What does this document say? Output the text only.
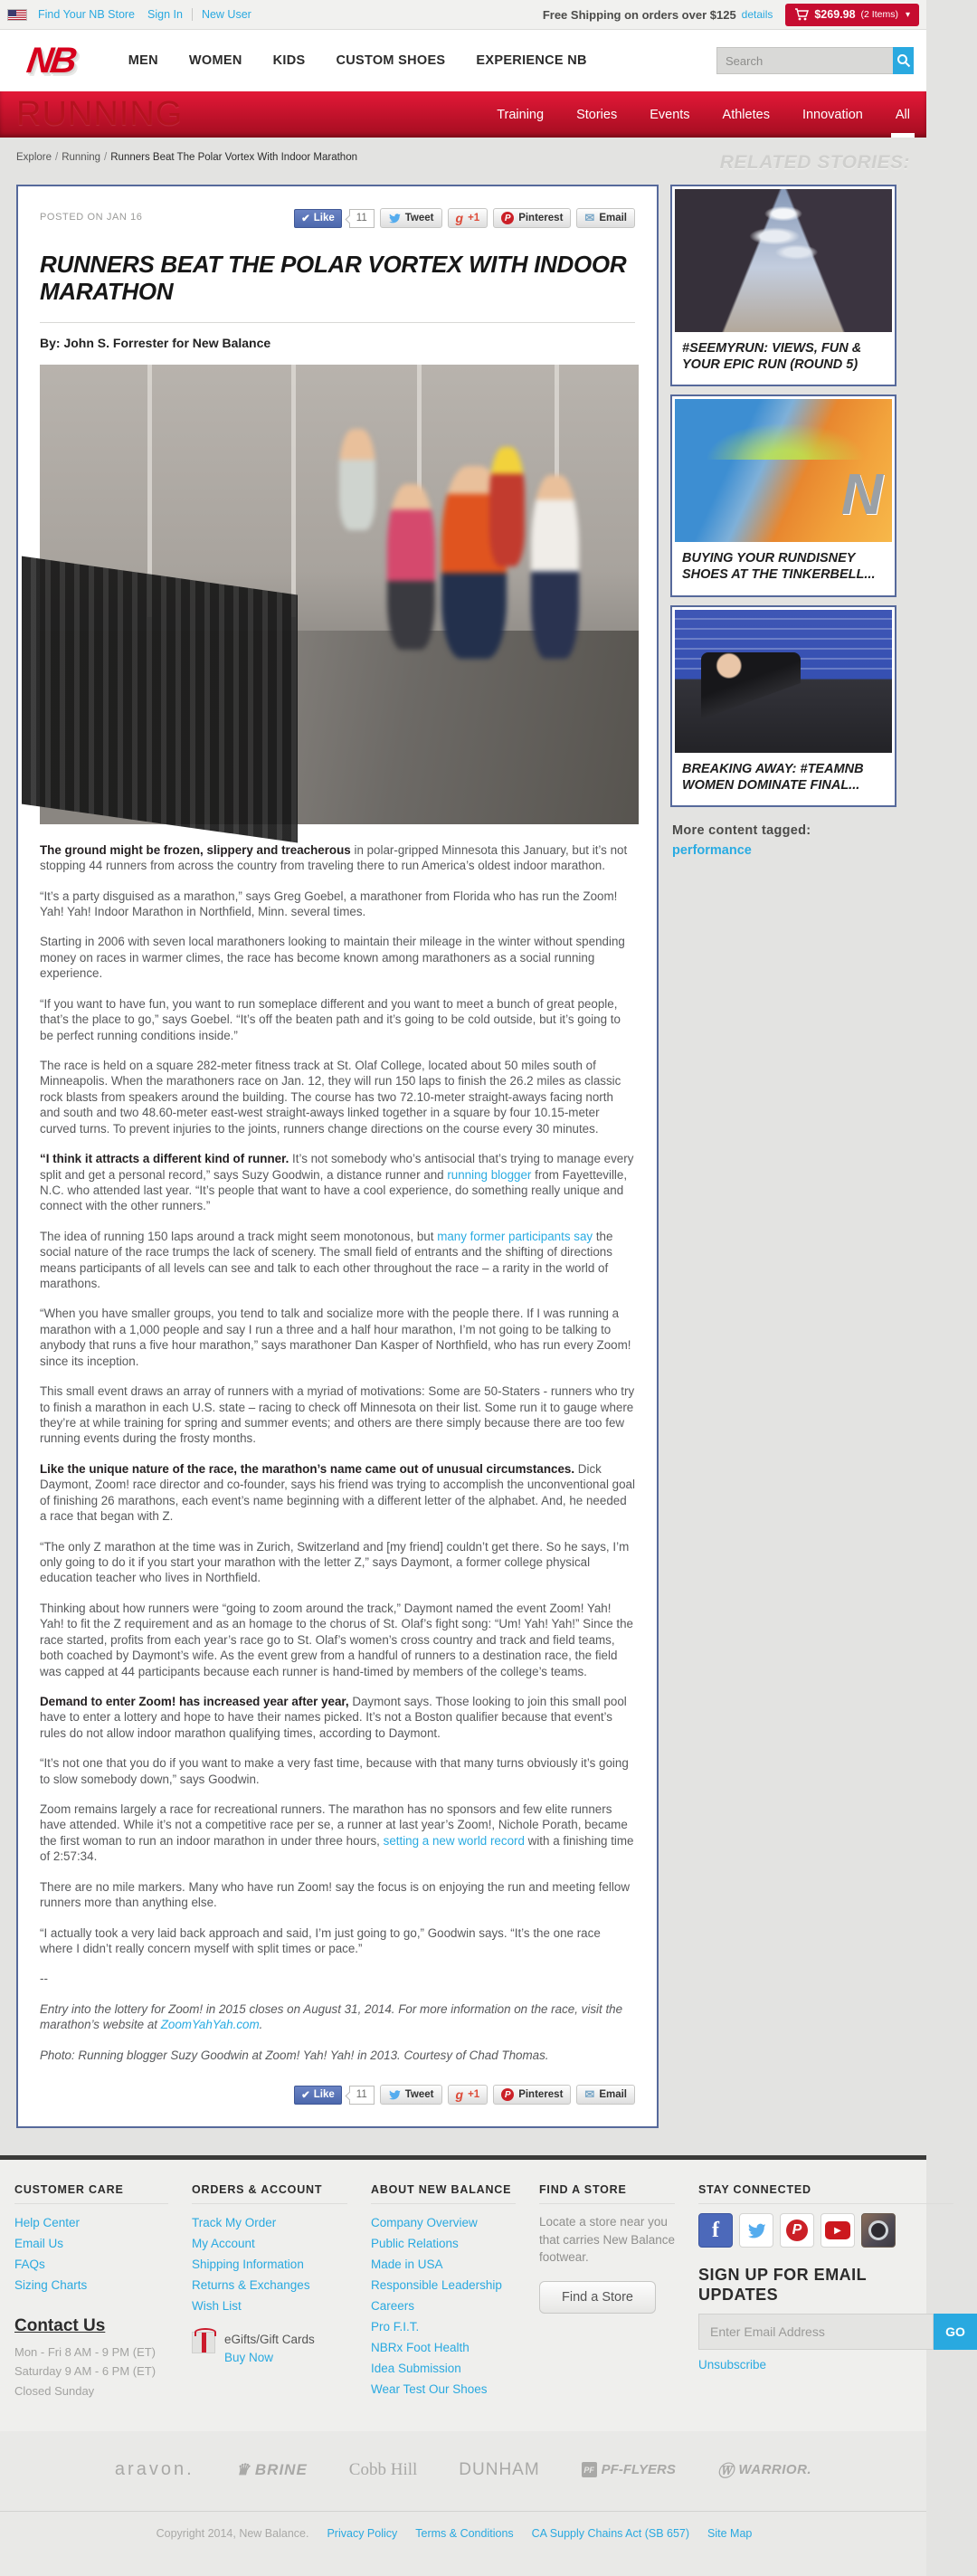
Find Your NB Store Sign In New User	Free Shipping on orders over $125 details	$269.98 (2 Items) ▾
NB	MEN WOMEN KIDS CUSTOM SHOES EXPERIENCE NB
Search
RUNNING	Training Stories Events Athletes Innovation All
Explore / Running / Runners Beat The Polar Vortex With Indoor Marathon	RELATED STORIES:
POSTED ON JAN 16	✔ Like	11	Tweet g +1	P Pinterest ✉ Email
RUNNERS BEAT THE POLAR VORTEX WITH INDOOR MARATHON
By: John S. Forrester for New Balance

The ground might be frozen, slippery and treacherous in polar-gripped Minnesota this January, but it’s not stopping 44 runners from across the country from traveling there to run America’s oldest indoor marathon.

“It’s a party disguised as a marathon,” says Greg Goebel, a marathoner from Florida who has run the Zoom! Yah! Yah! Indoor Marathon in Northfield, Minn. several times.

Starting in 2006 with seven local marathoners looking to maintain their mileage in the winter without spending money on races in warmer climes, the race has become known among marathoners as a social running experience.

“If you want to have fun, you want to run someplace different and you want to meet a bunch of great people, that’s the place to go,” says Goebel. “It’s off the beaten path and it’s going to be cold outside, but it’s going to be perfect running conditions inside.”

The race is held on a square 282-meter fitness track at St. Olaf College, located about 50 miles south of Minneapolis. When the marathoners race on Jan. 12, they will run 150 laps to finish the 26.2 miles as classic rock blasts from speakers around the building. The course has two 72.10-meter straight-aways facing north and south and two 48.60-meter east-west straight-aways linked together in a square by four 10.15-meter curved turns. To prevent injuries to the joints, runners change directions on the course every 30 minutes.

“I think it attracts a different kind of runner. It’s not somebody who’s antisocial that’s trying to manage every split and get a personal record,” says Suzy Goodwin, a distance runner and running blogger from Fayetteville, N.C. who attended last year. “It’s people that want to have a cool experience, do something really unique and connect with the other runners.”

The idea of running 150 laps around a track might seem monotonous, but many former participants say the social nature of the race trumps the lack of scenery. The small field of entrants and the shifting of directions means participants of all levels can see and talk to each other throughout the race – a rarity in the world of marathons.

“When you have smaller groups, you tend to talk and socialize more with the people there. If I was running a marathon with a 1,000 people and say I run a three and a half hour marathon, I’m not going to be talking to anybody that runs a five hour marathon,” says marathoner Dan Kasper of Northfield, who has run every Zoom! since its inception.

This small event draws an array of runners with a myriad of motivations: Some are 50-Staters - runners who try to finish a marathon in each U.S. state – racing to check off Minnesota on their list. Some run it to gauge where they’re at while training for spring and summer events; and others are there simply because there are too few running events during the frosty months.

Like the unique nature of the race, the marathon’s name came out of unusual circumstances. Dick Daymont, Zoom! race director and co-founder, says his friend was trying to accomplish the unconventional goal of finishing 26 marathons, each event’s name beginning with a different letter of the alphabet. And, he needed a race that began with Z.

“The only Z marathon at the time was in Zurich, Switzerland and [my friend] couldn’t get there. So he says, I’m only going to do it if you start your marathon with the letter Z,” says Daymont, a former college physical education teacher who lives in Northfield.

Thinking about how runners were “going to zoom around the track,” Daymont named the event Zoom! Yah! Yah! to fit the Z requirement and as an homage to the chorus of St. Olaf’s fight song: “Um! Yah! Yah!” Since the race started, profits from each year’s race go to St. Olaf’s women’s cross country and track and field teams, both coached by Daymont’s wife. As the event grew from a handful of runners to a destination race, the field was capped at 44 participants because each runner is hand-timed by members of the college’s teams.

Demand to enter Zoom! has increased year after year, Daymont says. Those looking to join this small pool have to enter a lottery and hope to have their names picked. It’s not a Boston qualifier because that event’s rules do not allow indoor marathon qualifying times, according to Daymont.

“It’s not one that you do if you want to make a very fast time, because with that many turns obviously it’s going to slow somebody down,” says Goodwin.

Zoom remains largely a race for recreational runners. The marathon has no sponsors and few elite runners have attended. While it’s not a competitive race per se, a runner at last year’s Zoom!, Nichole Porath, became the first woman to run an indoor marathon in under three hours, setting a new world record with a finishing time of 2:57:34.

There are no mile markers. Many who have run Zoom! say the focus is on enjoying the run and meeting fellow runners more than anything else.

“I actually took a very laid back approach and said, I’m just going to go,” Goodwin says. “It’s the one race where I didn’t really concern myself with split times or pace.”

--

Entry into the lottery for Zoom! in 2015 closes on August 31, 2014. For more information on the race, visit the marathon’s website at ZoomYahYah.com.

Photo: Running blogger Suzy Goodwin at Zoom! Yah! Yah! in 2013. Courtesy of Chad Thomas.

✔ Like	11	Tweet g +1	P Pinterest ✉ Email
#SEEMYRUN: VIEWS, FUN & YOUR EPIC RUN (ROUND 5)
N
BUYING YOUR RUNDISNEY SHOES AT THE TINKERBELL...
BREAKING AWAY: #TEAMNB WOMEN DOMINATE FINAL...
More content tagged:
performance
CUSTOMER CARE
Help Center
Email Us
FAQs
Sizing Charts
Contact Us
Mon - Fri 8 AM - 9 PM (ET)
Saturday 9 AM - 6 PM (ET)
Closed Sunday
ORDERS & ACCOUNT
Track My Order
My Account
Shipping Information
Returns & Exchanges
Wish List
eGifts/Gift Cards
Buy Now
ABOUT NEW BALANCE
Company Overview
Public Relations
Made in USA
Responsible Leadership
Careers
Pro F.I.T.
NBRx Foot Health
Idea Submission
Wear Test Our Shoes
FIND A STORE
Locate a store near you that carries New Balance footwear.
Find a Store
STAY CONNECTED
f	P	▶
SIGN UP FOR EMAIL UPDATES
Enter Email Address
GO
Unsubscribe
aravon.	♛ BRINE Cobb Hill DUNHAM	PF PF-FLYERS	Ⓦ WARRIOR.
Copyright 2014, New Balance. Privacy Policy Terms & Conditions CA Supply Chains Act (SB 657) Site Map
